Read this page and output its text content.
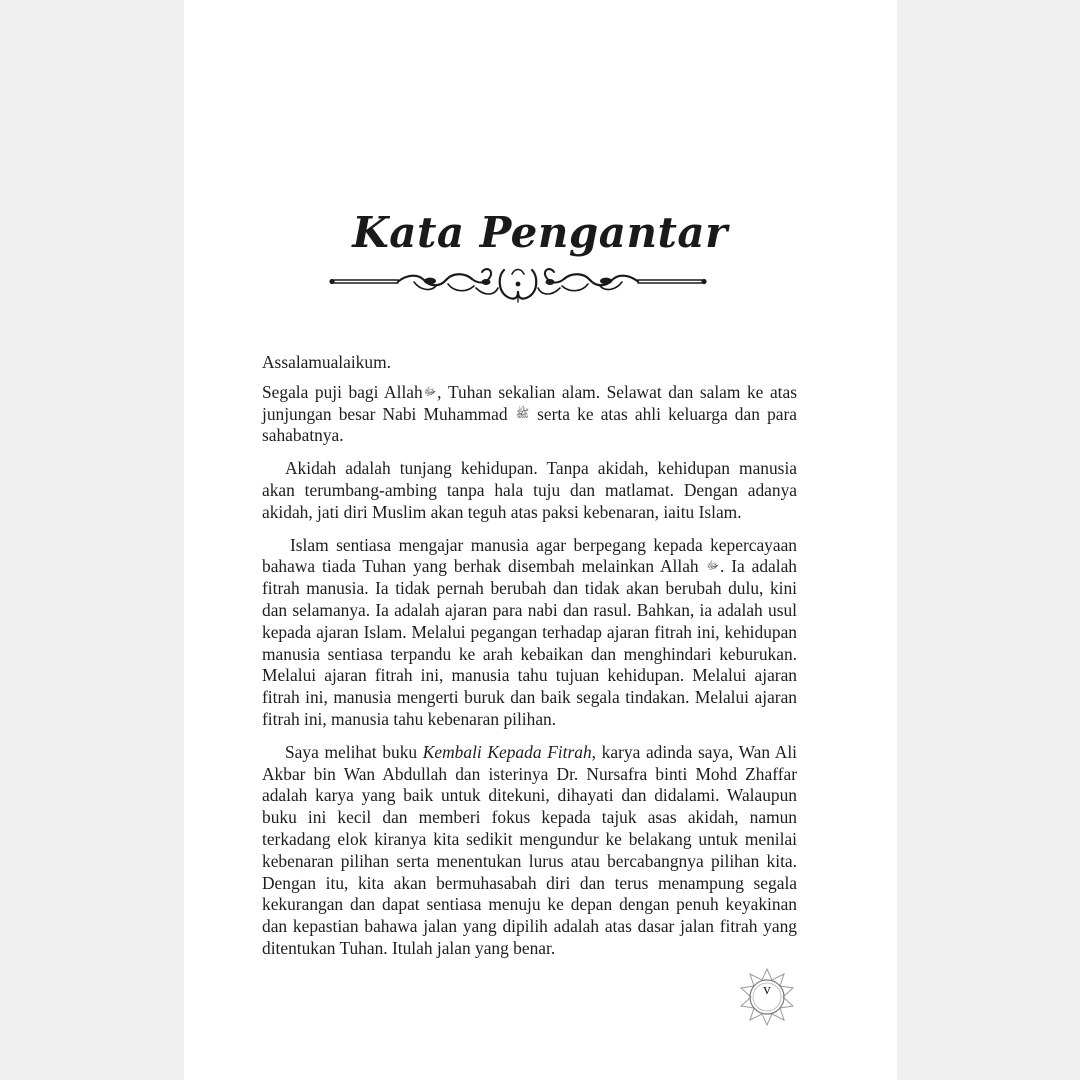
Kata Pengantar

Assalamualaikum.

Segala puji bagi Allahﷻ, Tuhan sekalian alam. Selawat dan salam ke atas junjungan besar Nabi Muhammad ﷺ serta ke atas ahli keluarga dan para sahabatnya.

Akidah adalah tunjang kehidupan. Tanpa akidah, kehidupan manusia akan terumbang-ambing tanpa hala tuju dan matlamat. Dengan adanya akidah, jati diri Muslim akan teguh atas paksi kebenaran, iaitu Islam.

Islam sentiasa mengajar manusia agar berpegang kepada kepercayaan bahawa tiada Tuhan yang berhak disembah melainkan Allah ﷻ. Ia adalah fitrah manusia. Ia tidak pernah berubah dan tidak akan berubah dulu, kini dan selamanya. Ia adalah ajaran para nabi dan rasul. Bahkan, ia adalah usul kepada ajaran Islam. Melalui pegangan terhadap ajaran fitrah ini, kehidupan manusia sentiasa terpandu ke arah kebaikan dan menghindari keburukan. Melalui ajaran fitrah ini, manusia tahu tujuan kehidupan. Melalui ajaran fitrah ini, manusia mengerti buruk dan baik segala tindakan. Melalui ajaran fitrah ini, manusia tahu kebenaran pilihan.

Saya melihat buku Kembali Kepada Fitrah, karya adinda saya, Wan Ali Akbar bin Wan Abdullah dan isterinya Dr. Nursafra binti Mohd Zhaffar adalah karya yang baik untuk ditekuni, dihayati dan didalami. Walaupun buku ini kecil dan memberi fokus kepada tajuk asas akidah, namun terkadang elok kiranya kita sedikit mengundur ke belakang untuk menilai kebenaran pilihan serta menentukan lurus atau bercabangnya pilihan kita. Dengan itu, kita akan bermuhasabah diri dan terus menampung segala kekurangan dan dapat sentiasa menuju ke depan dengan penuh keyakinan dan kepastian bahawa jalan yang dipilih adalah atas dasar jalan fitrah yang ditentukan Tuhan. Itulah jalan yang benar.

v
